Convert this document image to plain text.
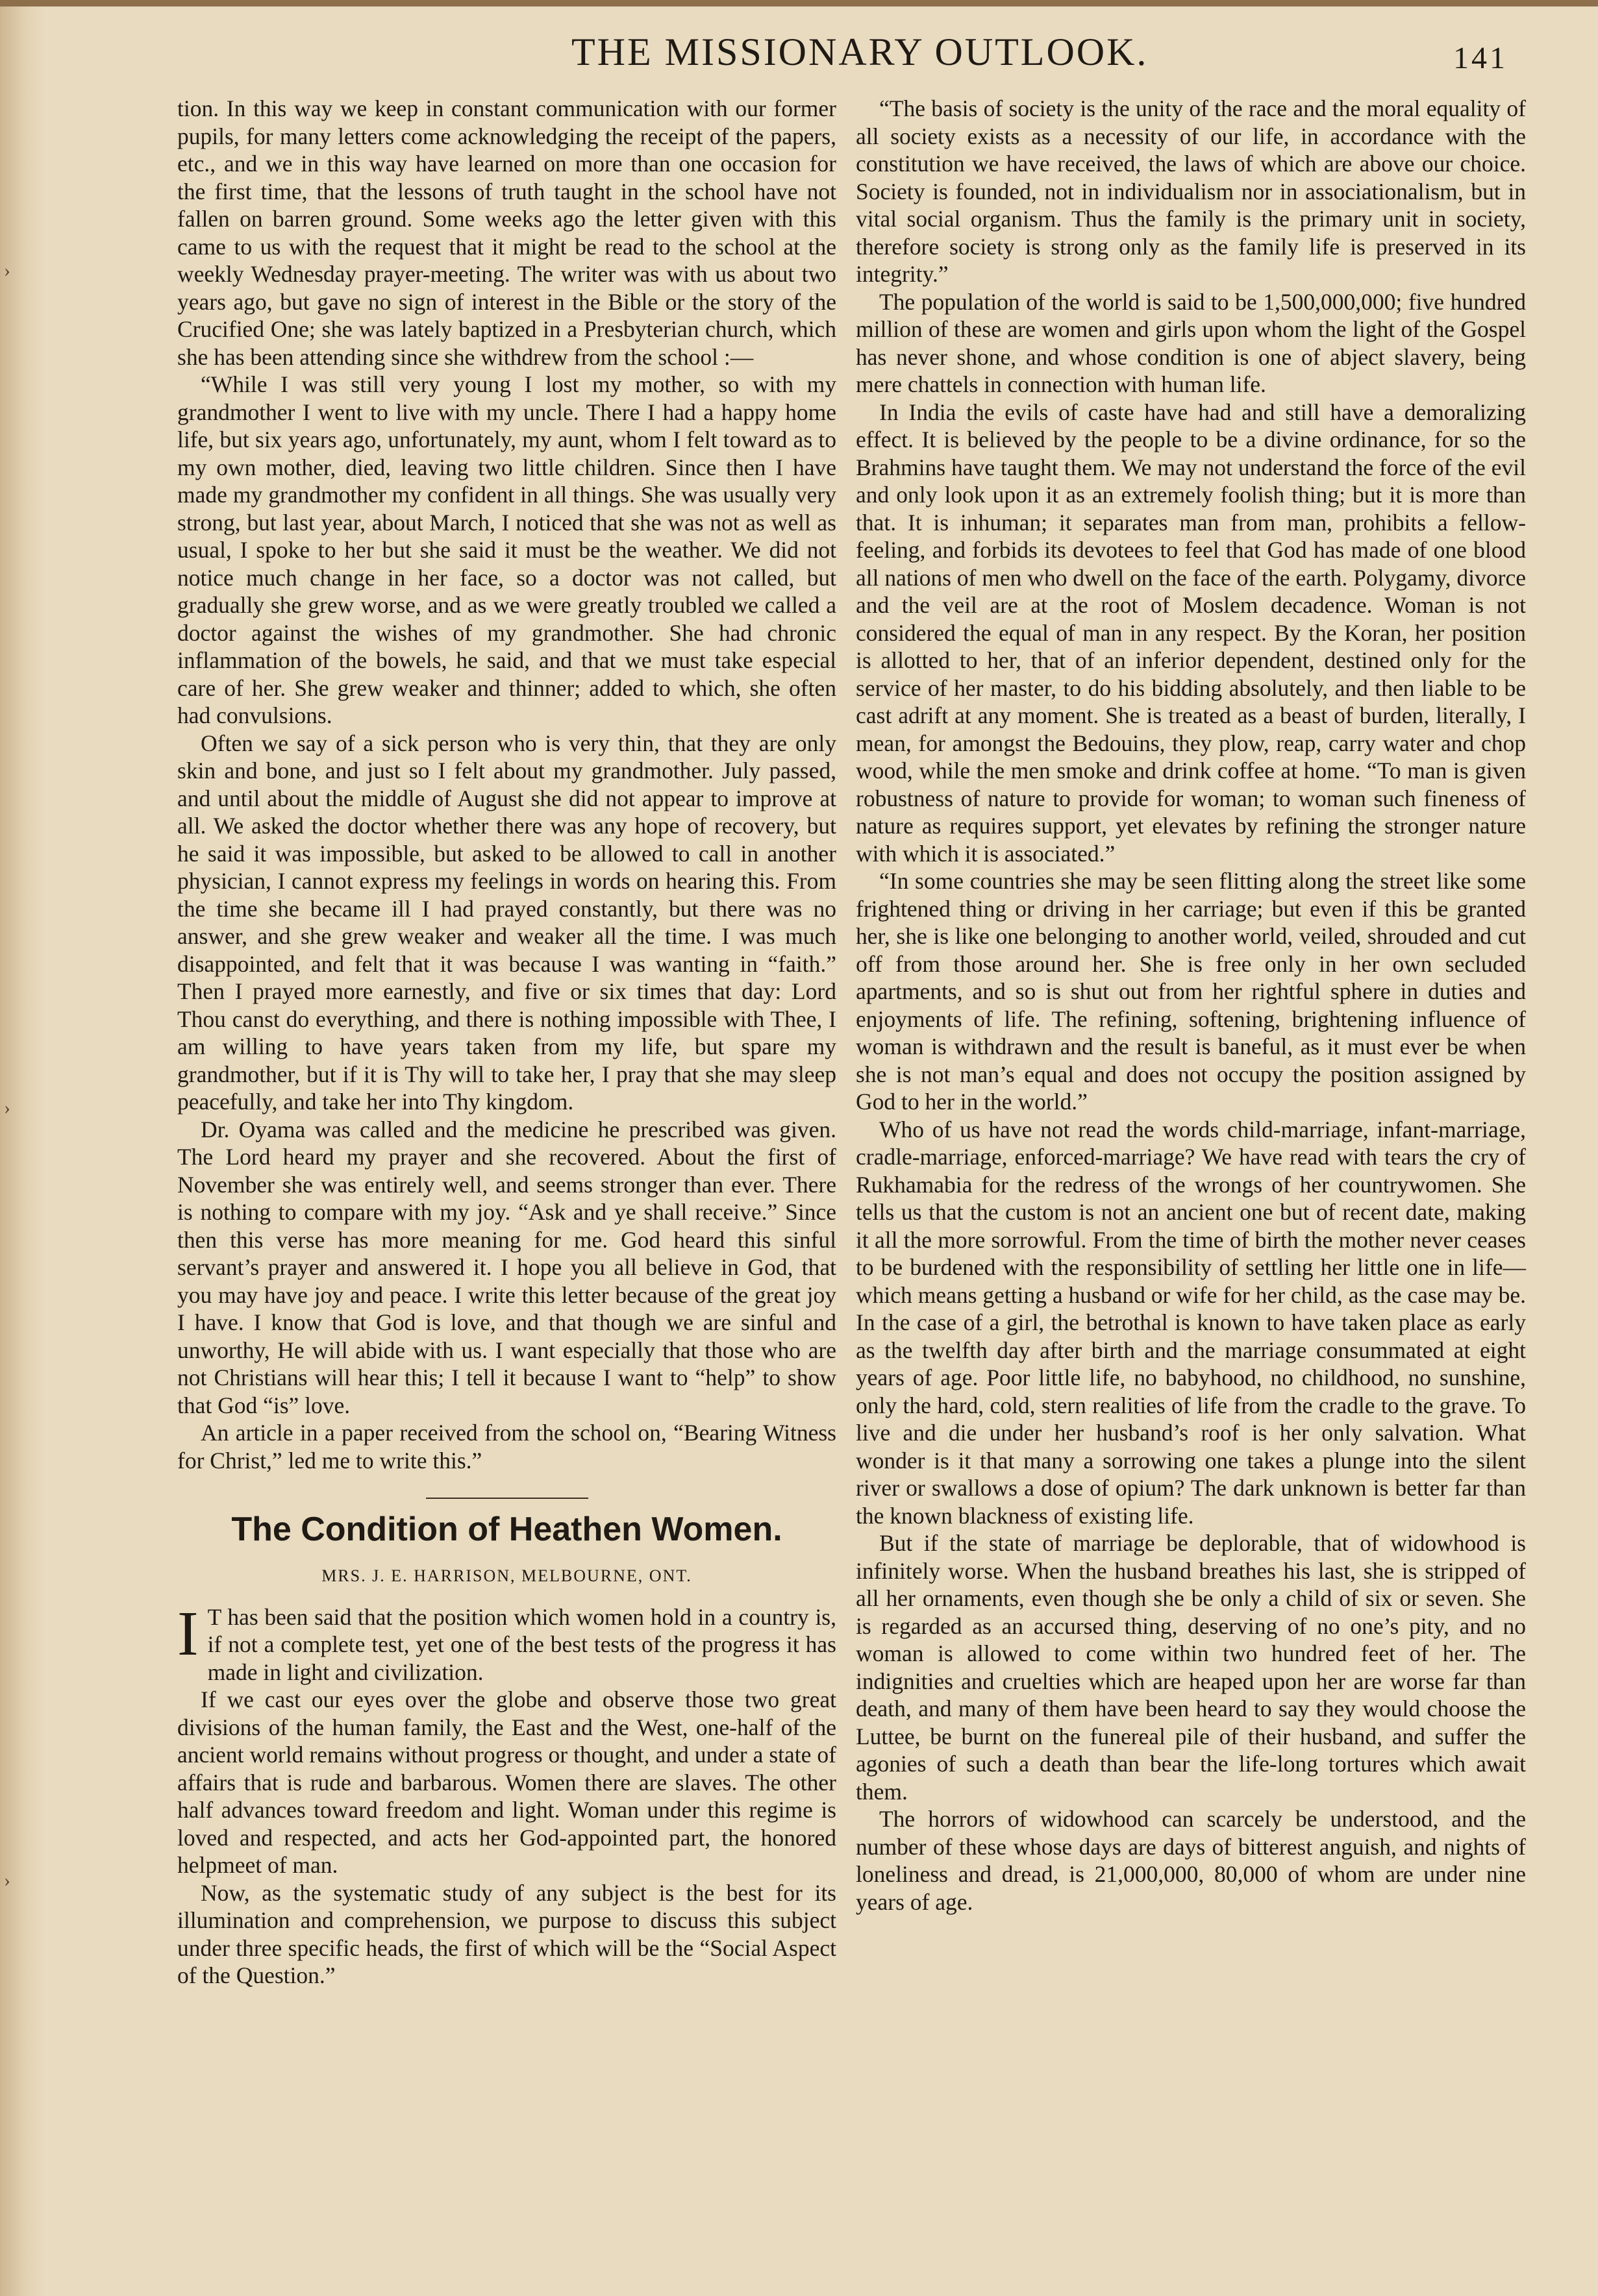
›
›
›
THE MISSIONARY OUTLOOK.	141

tion. In this way we keep in constant communication with our former pupils, for many letters come acknowledging the receipt of the papers, etc., and we in this way have learned on more than one occasion for the first time, that the lessons of truth taught in the school have not fallen on barren ground. Some weeks ago the letter given with this came to us with the request that it might be read to the school at the weekly Wednesday prayer-meeting. The writer was with us about two years ago, but gave no sign of interest in the Bible or the story of the Crucified One; she was lately baptized in a Presbyterian church, which she has been attending since she withdrew from the school :—

“While I was still very young I lost my mother, so with my grandmother I went to live with my uncle. There I had a happy home life, but six years ago, unfortunately, my aunt, whom I felt toward as to my own mother, died, leaving two little children. Since then I have made my grandmother my confident in all things. She was usually very strong, but last year, about March, I noticed that she was not as well as usual, I spoke to her but she said it must be the weather. We did not notice much change in her face, so a doctor was not called, but gradually she grew worse, and as we were greatly troubled we called a doctor against the wishes of my grandmother. She had chronic inflammation of the bowels, he said, and that we must take especial care of her. She grew weaker and thinner; added to which, she often had convulsions.

Often we say of a sick person who is very thin, that they are only skin and bone, and just so I felt about my grandmother. July passed, and until about the middle of August she did not appear to improve at all. We asked the doctor whether there was any hope of recovery, but he said it was impossible, but asked to be allowed to call in another physician, I cannot express my feelings in words on hearing this. From the time she became ill I had prayed constantly, but there was no answer, and she grew weaker and weaker all the time. I was much disappointed, and felt that it was because I was wanting in “faith.” Then I prayed more earnestly, and five or six times that day: Lord Thou canst do everything, and there is nothing impossible with Thee, I am willing to have years taken from my life, but spare my grandmother, but if it is Thy will to take her, I pray that she may sleep peacefully, and take her into Thy kingdom.

Dr. Oyama was called and the medicine he prescribed was given. The Lord heard my prayer and she recovered. About the first of November she was entirely well, and seems stronger than ever. There is nothing to compare with my joy. “Ask and ye shall receive.” Since then this verse has more meaning for me. God heard this sinful servant’s prayer and answered it. I hope you all believe in God, that you may have joy and peace. I write this letter because of the great joy I have. I know that God is love, and that though we are sinful and unworthy, He will abide with us. I want especially that those who are not Christians will hear this; I tell it because I want to “help” to show that God “is” love.

An article in a paper received from the school on, “Bearing Witness for Christ,” led me to write this.”

The Condition of Heathen Women.
MRS. J. E. HARRISON, MELBOURNE, ONT.

I T has been said that the position which women hold in a country is, if not a complete test, yet one of the best tests of the progress it has made in light and civilization.

If we cast our eyes over the globe and observe those two great divisions of the human family, the East and the West, one-half of the ancient world remains without progress or thought, and under a state of affairs that is rude and barbarous. Women there are slaves. The other half advances toward freedom and light. Woman under this regime is loved and respected, and acts her God-appointed part, the honored helpmeet of man.

Now, as the systematic study of any subject is the best for its illumination and comprehension, we purpose to discuss this subject under three specific heads, the first of which will be the “Social Aspect of the Question.”

“The basis of society is the unity of the race and the moral equality of all society exists as a necessity of our life, in accordance with the constitution we have received, the laws of which are above our choice. Society is founded, not in individualism nor in associationalism, but in vital social organism. Thus the family is the primary unit in society, therefore society is strong only as the family life is preserved in its integrity.”

The population of the world is said to be 1,500,000,000; five hundred million of these are women and girls upon whom the light of the Gospel has never shone, and whose condition is one of abject slavery, being mere chattels in connection with human life.

In India the evils of caste have had and still have a demoralizing effect. It is believed by the people to be a divine ordinance, for so the Brahmins have taught them. We may not understand the force of the evil and only look upon it as an extremely foolish thing; but it is more than that. It is inhuman; it separates man from man, prohibits a fellow-feeling, and forbids its devotees to feel that God has made of one blood all nations of men who dwell on the face of the earth. Polygamy, divorce and the veil are at the root of Moslem decadence. Woman is not considered the equal of man in any respect. By the Koran, her position is allotted to her, that of an inferior dependent, destined only for the service of her master, to do his bidding absolutely, and then liable to be cast adrift at any moment. She is treated as a beast of burden, literally, I mean, for amongst the Bedouins, they plow, reap, carry water and chop wood, while the men smoke and drink coffee at home. “To man is given robustness of nature to provide for woman; to woman such fineness of nature as requires support, yet elevates by refining the stronger nature with which it is associated.”

“In some countries she may be seen flitting along the street like some frightened thing or driving in her carriage; but even if this be granted her, she is like one belonging to another world, veiled, shrouded and cut off from those around her. She is free only in her own secluded apartments, and so is shut out from her rightful sphere in duties and enjoyments of life. The refining, softening, brightening influence of woman is withdrawn and the result is baneful, as it must ever be when she is not man’s equal and does not occupy the position assigned by God to her in the world.”

Who of us have not read the words child-marriage, infant-marriage, cradle-marriage, enforced-marriage? We have read with tears the cry of Rukhamabia for the redress of the wrongs of her countrywomen. She tells us that the custom is not an ancient one but of recent date, making it all the more sorrowful. From the time of birth the mother never ceases to be burdened with the responsibility of settling her little one in life—which means getting a husband or wife for her child, as the case may be. In the case of a girl, the betrothal is known to have taken place as early as the twelfth day after birth and the marriage consummated at eight years of age. Poor little life, no babyhood, no childhood, no sunshine, only the hard, cold, stern realities of life from the cradle to the grave. To live and die under her husband’s roof is her only salvation. What wonder is it that many a sorrowing one takes a plunge into the silent river or swallows a dose of opium? The dark unknown is better far than the known blackness of existing life.

But if the state of marriage be deplorable, that of widowhood is infinitely worse. When the husband breathes his last, she is stripped of all her ornaments, even though she be only a child of six or seven. She is regarded as an accursed thing, deserving of no one’s pity, and no woman is allowed to come within two hundred feet of her. The indignities and cruelties which are heaped upon her are worse far than death, and many of them have been heard to say they would choose the Luttee, be burnt on the funereal pile of their husband, and suffer the agonies of such a death than bear the life-long tortures which await them.

The horrors of widowhood can scarcely be understood, and the number of these whose days are days of bitterest anguish, and nights of loneliness and dread, is 21,000,000, 80,000 of whom are under nine years of age.
